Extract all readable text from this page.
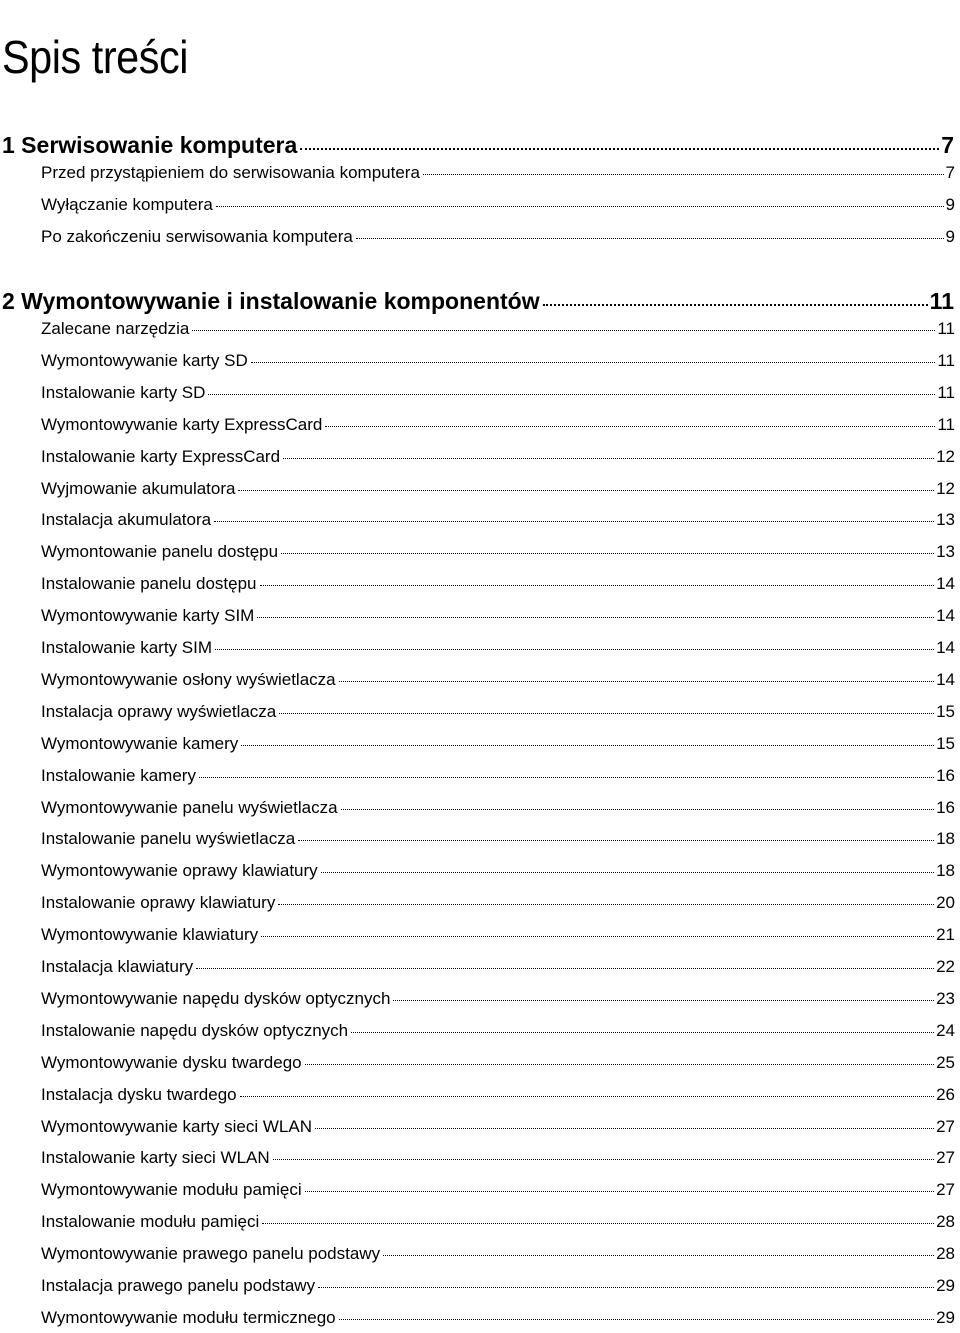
Spis treści
1 Serwisowanie komputera	7
Przed przystąpieniem do serwisowania komputera	7
Wyłączanie komputera	9
Po zakończeniu serwisowania komputera	9
2 Wymontowywanie i instalowanie komponentów	11
Zalecane narzędzia	11
Wymontowywanie karty SD	11
Instalowanie karty SD	11
Wymontowywanie karty ExpressCard	11
Instalowanie karty ExpressCard	12
Wyjmowanie akumulatora	12
Instalacja akumulatora	13
Wymontowanie panelu dostępu	13
Instalowanie panelu dostępu	14
Wymontowywanie karty SIM	14
Instalowanie karty SIM	14
Wymontowywanie osłony wyświetlacza	14
Instalacja oprawy wyświetlacza	15
Wymontowywanie kamery	15
Instalowanie kamery	16
Wymontowywanie panelu wyświetlacza	16
Instalowanie panelu wyświetlacza	18
Wymontowywanie oprawy klawiatury	18
Instalowanie oprawy klawiatury	20
Wymontowywanie klawiatury	21
Instalacja klawiatury	22
Wymontowywanie napędu dysków optycznych	23
Instalowanie napędu dysków optycznych	24
Wymontowywanie dysku twardego	25
Instalacja dysku twardego	26
Wymontowywanie karty sieci WLAN	27
Instalowanie karty sieci WLAN	27
Wymontowywanie modułu pamięci	27
Instalowanie modułu pamięci	28
Wymontowywanie prawego panelu podstawy	28
Instalacja prawego panelu podstawy	29
Wymontowywanie modułu termicznego	29
